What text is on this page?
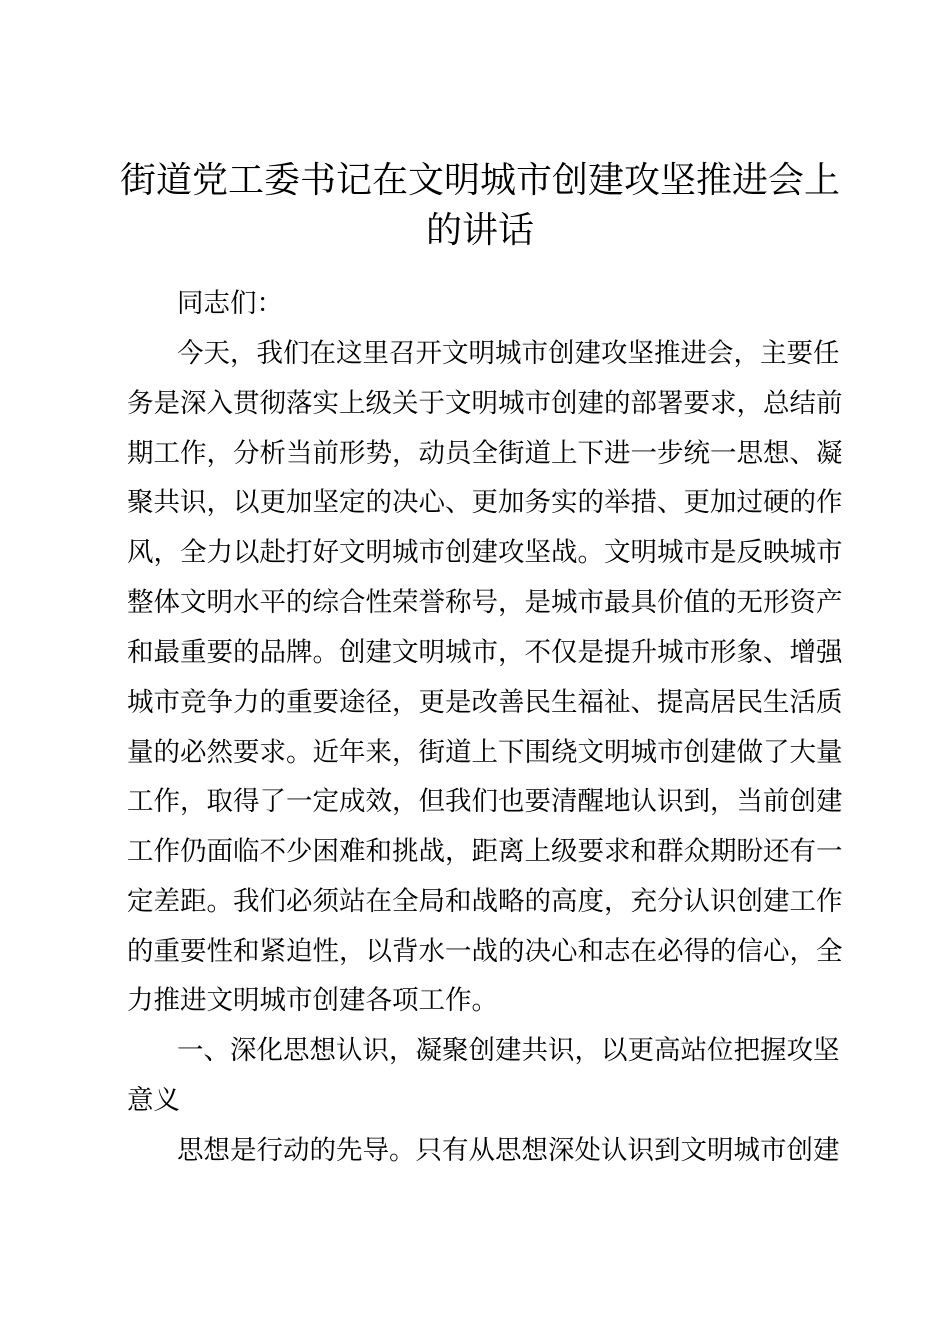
街道党工委书记在文明城市创建攻坚推进会上
的讲话
同志们：
今天，我们在这里召开文明城市创建攻坚推进会，主要任
务是深入贯彻落实上级关于文明城市创建的部署要求，总结前
期工作，分析当前形势，动员全街道上下进一步统一思想、凝
聚共识，以更加坚定的决心、更加务实的举措、更加过硬的作
风，全力以赴打好文明城市创建攻坚战。文明城市是反映城市
整体文明水平的综合性荣誉称号，是城市最具价值的无形资产
和最重要的品牌。创建文明城市，不仅是提升城市形象、增强
城市竞争力的重要途径，更是改善民生福祉、提高居民生活质
量的必然要求。近年来，街道上下围绕文明城市创建做了大量
工作，取得了一定成效，但我们也要清醒地认识到，当前创建
工作仍面临不少困难和挑战，距离上级要求和群众期盼还有一
定差距。我们必须站在全局和战略的高度，充分认识创建工作
的重要性和紧迫性，以背水一战的决心和志在必得的信心，全
力推进文明城市创建各项工作。
一、深化思想认识，凝聚创建共识，以更高站位把握攻坚
意义
思想是行动的先导。只有从思想深处认识到文明城市创建
